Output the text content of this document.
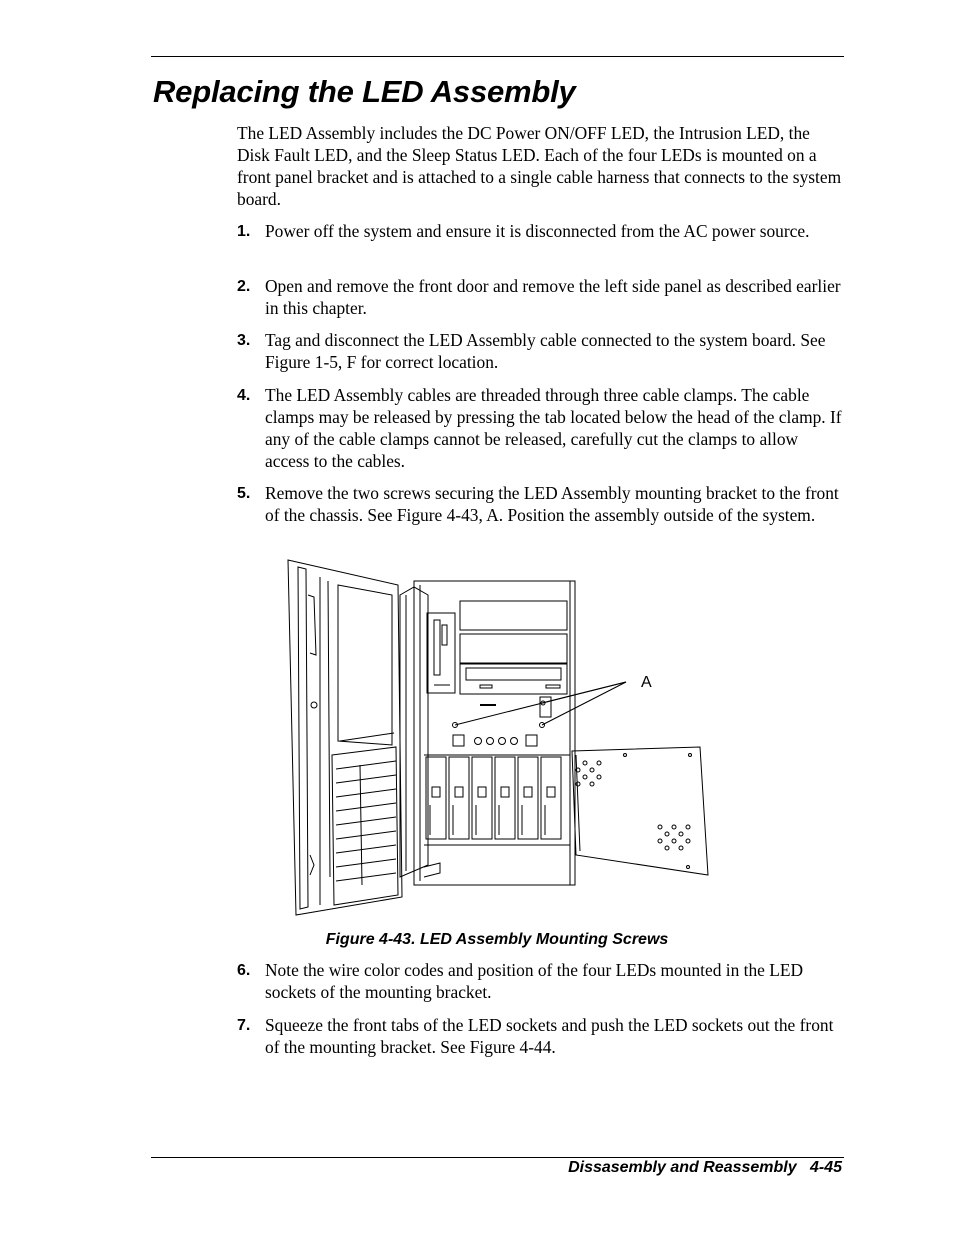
Replacing the LED Assembly

The LED Assembly includes the DC Power ON/OFF LED, the Intrusion LED, the Disk Fault LED, and the Sleep Status LED. Each of the four LEDs is mounted on a front panel bracket and is attached to a single cable harness that connects to the system board.

1. Power off the system and ensure it is disconnected from the AC power source.
2. Open and remove the front door and remove the left side panel as described earlier in this chapter.
3. Tag and disconnect the LED Assembly cable connected to the system board. See Figure 1-5, F for correct location.
4. The LED Assembly cables are threaded through three cable clamps. The cable clamps may be released by pressing the tab located below the head of the clamp. If any of the cable clamps cannot be released, carefully cut the clamps to allow access to the cables.
5. Remove the two screws securing the LED Assembly mounting bracket to the front of the chassis. See Figure 4-43, A. Position the assembly outside of the system.
A
Figure 4-43. LED Assembly Mounting Screws
6. Note the wire color codes and position of the four LEDs mounted in the LED sockets of the mounting bracket.
7. Squeeze the front tabs of the LED sockets and push the LED sockets out the front of the mounting bracket. See Figure 4-44.
Dissasembly and Reassembly 4-45
